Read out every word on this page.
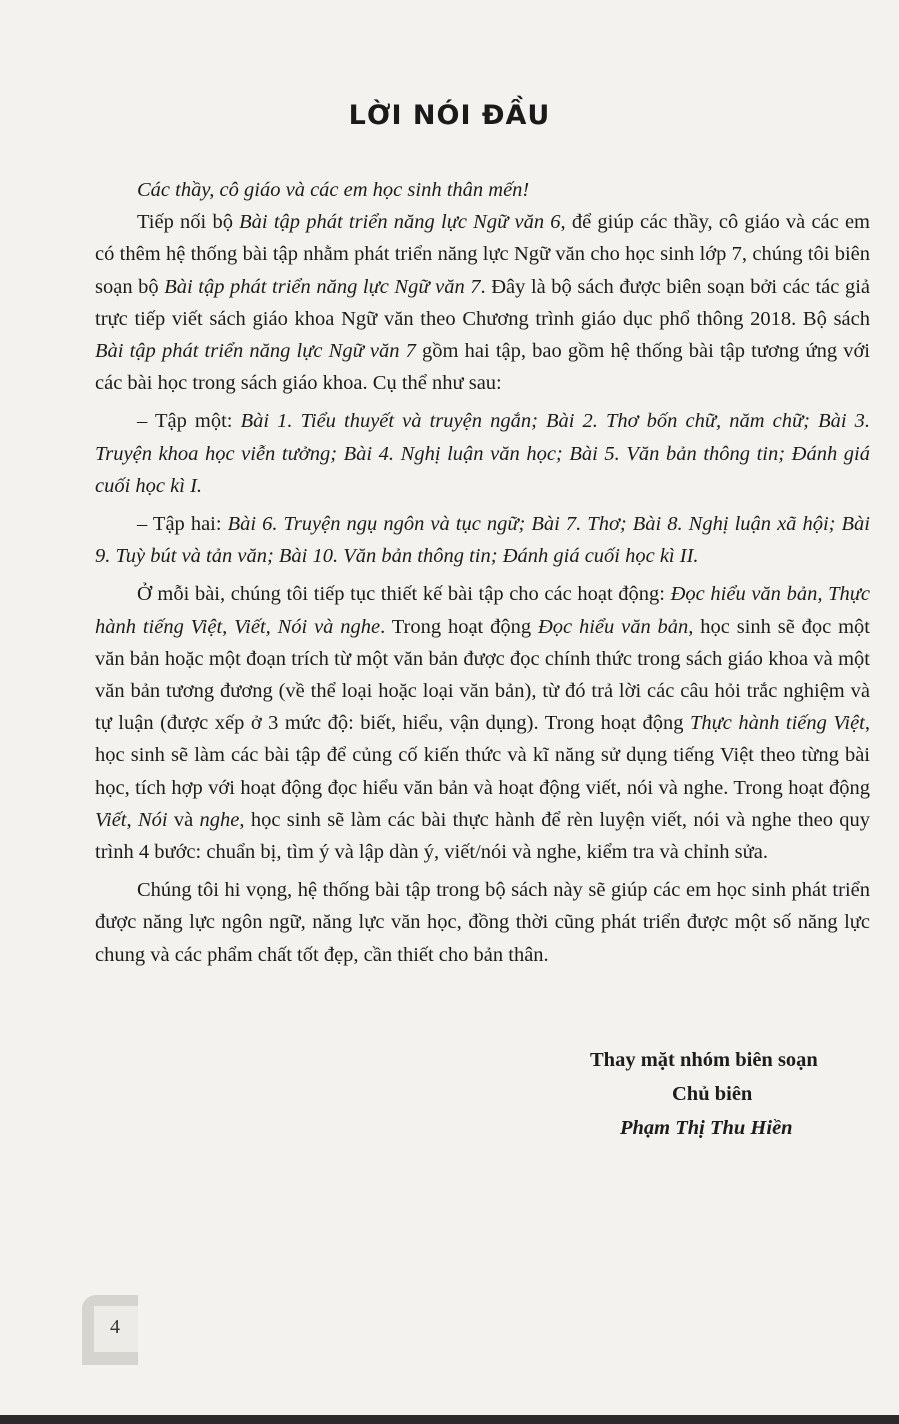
LỜI NÓI ĐẦU

Các thầy, cô giáo và các em học sinh thân mến!

Tiếp nối bộ Bài tập phát triển năng lực Ngữ văn 6, để giúp các thầy, cô giáo và các em có thêm hệ thống bài tập nhằm phát triển năng lực Ngữ văn cho học sinh lớp 7, chúng tôi biên soạn bộ Bài tập phát triển năng lực Ngữ văn 7. Đây là bộ sách được biên soạn bởi các tác giả trực tiếp viết sách giáo khoa Ngữ văn theo Chương trình giáo dục phổ thông 2018. Bộ sách Bài tập phát triển năng lực Ngữ văn 7 gồm hai tập, bao gồm hệ thống bài tập tương ứng với các bài học trong sách giáo khoa. Cụ thể như sau:

– Tập một: Bài 1. Tiểu thuyết và truyện ngắn; Bài 2. Thơ bốn chữ, năm chữ; Bài 3. Truyện khoa học viễn tưởng; Bài 4. Nghị luận văn học; Bài 5. Văn bản thông tin; Đánh giá cuối học kì I.

– Tập hai: Bài 6. Truyện ngụ ngôn và tục ngữ; Bài 7. Thơ; Bài 8. Nghị luận xã hội; Bài 9. Tuỳ bút và tản văn; Bài 10. Văn bản thông tin; Đánh giá cuối học kì II.

Ở mỗi bài, chúng tôi tiếp tục thiết kế bài tập cho các hoạt động: Đọc hiểu văn bản, Thực hành tiếng Việt, Viết, Nói và nghe. Trong hoạt động Đọc hiểu văn bản, học sinh sẽ đọc một văn bản hoặc một đoạn trích từ một văn bản được đọc chính thức trong sách giáo khoa và một văn bản tương đương (về thể loại hoặc loại văn bản), từ đó trả lời các câu hỏi trắc nghiệm và tự luận (được xếp ở 3 mức độ: biết, hiểu, vận dụng). Trong hoạt động Thực hành tiếng Việt, học sinh sẽ làm các bài tập để củng cố kiến thức và kĩ năng sử dụng tiếng Việt theo từng bài học, tích hợp với hoạt động đọc hiểu văn bản và hoạt động viết, nói và nghe. Trong hoạt động Viết, Nói và nghe, học sinh sẽ làm các bài thực hành để rèn luyện viết, nói và nghe theo quy trình 4 bước: chuẩn bị, tìm ý và lập dàn ý, viết/nói và nghe, kiểm tra và chỉnh sửa.

Chúng tôi hi vọng, hệ thống bài tập trong bộ sách này sẽ giúp các em học sinh phát triển được năng lực ngôn ngữ, năng lực văn học, đồng thời cũng phát triển được một số năng lực chung và các phẩm chất tốt đẹp, cần thiết cho bản thân.

Thay mặt nhóm biên soạn
Chủ biên
Phạm Thị Thu Hiền
4
